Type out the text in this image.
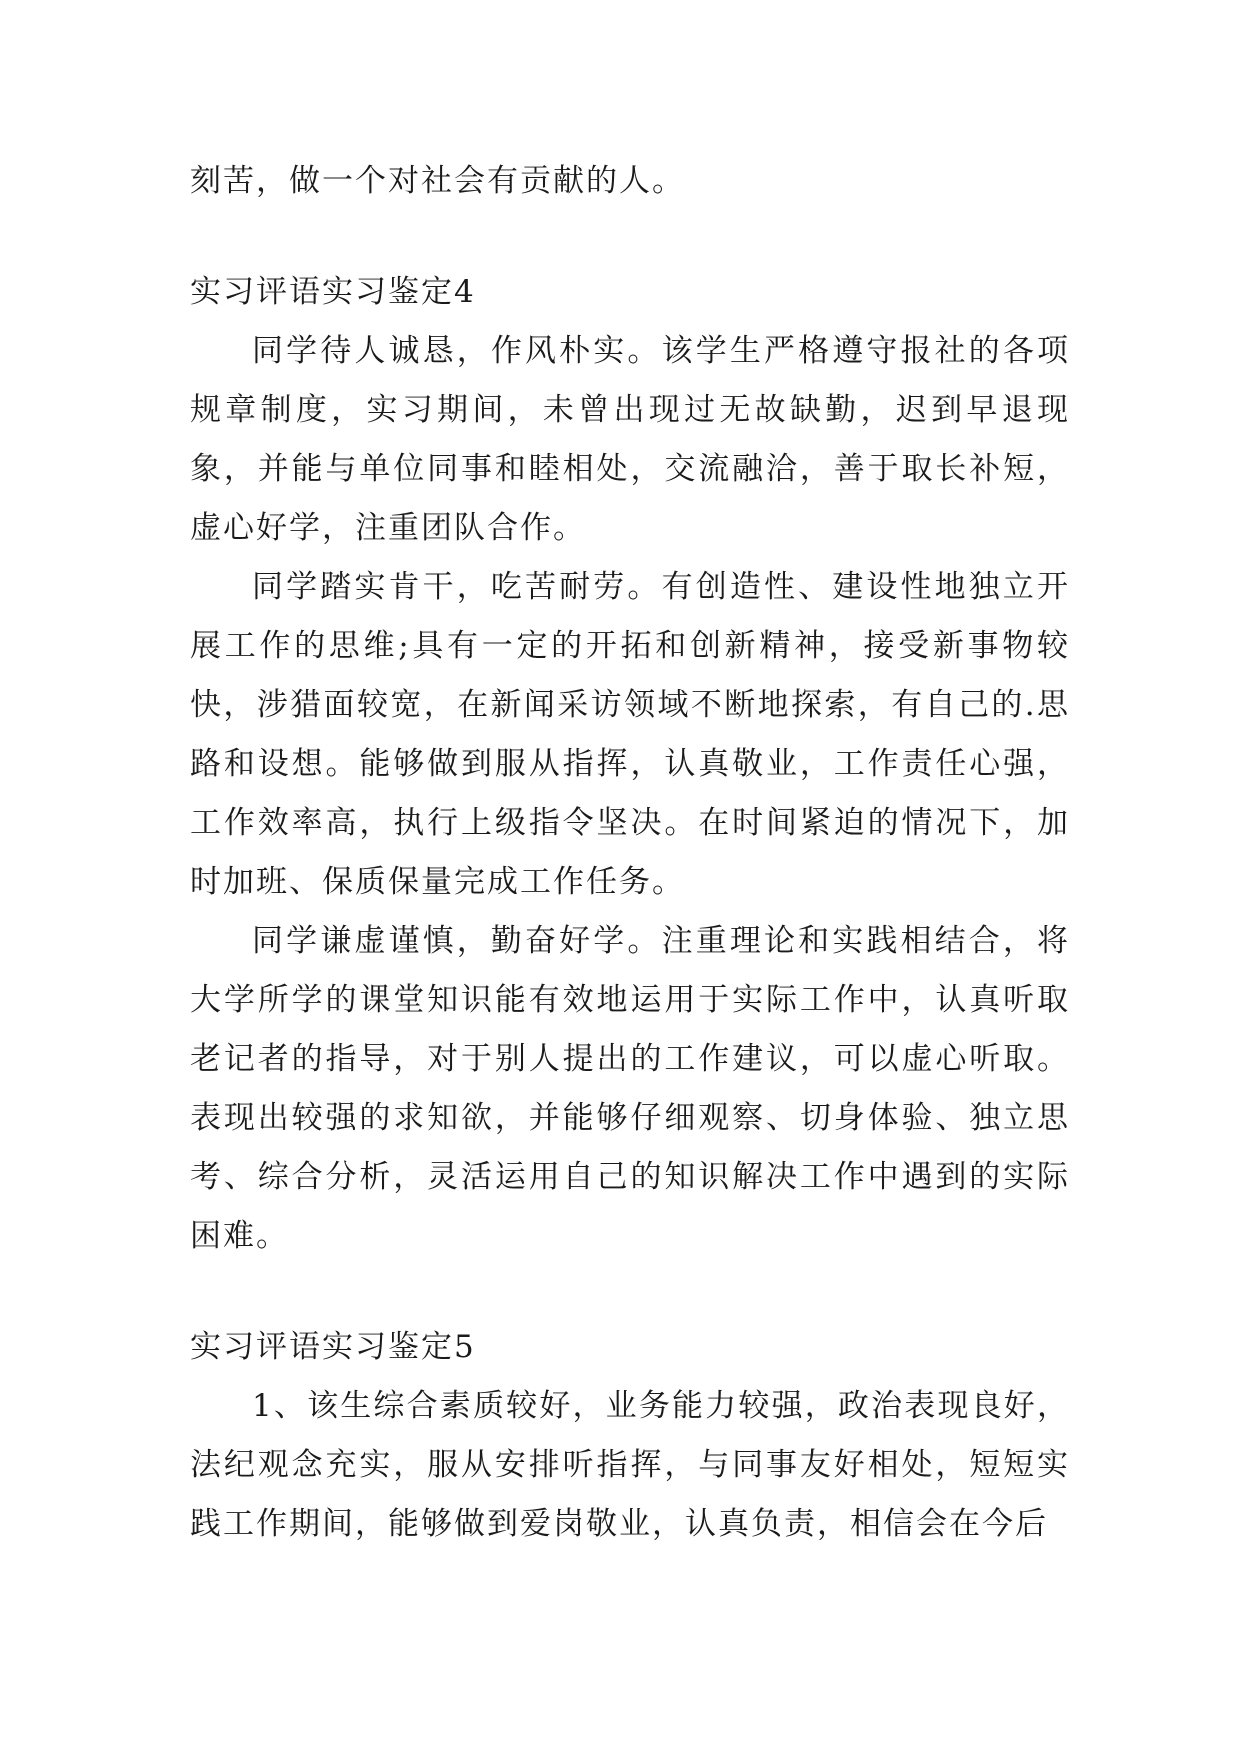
刻苦，做一个对社会有贡献的人。
实习评语实习鉴定4

同学待人诚恳，作风朴实。该学生严格遵守报社的各项规章制度，实习期间，未曾出现过无故缺勤，迟到早退现象，并能与单位同事和睦相处，交流融洽，善于取长补短，虚心好学，注重团队合作。

同学踏实肯干，吃苦耐劳。有创造性、建设性地独立开展工作的思维;具有一定的开拓和创新精神，接受新事物较快，涉猎面较宽，在新闻采访领域不断地探索，有自己的.思路和设想。能够做到服从指挥，认真敬业，工作责任心强，工作效率高，执行上级指令坚决。在时间紧迫的情况下，加时加班、保质保量完成工作任务。

同学谦虚谨慎，勤奋好学。注重理论和实践相结合，将大学所学的课堂知识能有效地运用于实际工作中，认真听取老记者的指导，对于别人提出的工作建议，可以虚心听取。表现出较强的求知欲，并能够仔细观察、切身体验、独立思考、综合分析，灵活运用自己的知识解决工作中遇到的实际困难。

实习评语实习鉴定5

1、该生综合素质较好，业务能力较强，政治表现良好，法纪观念充实，服从安排听指挥，与同事友好相处，短短实践工作期间，能够做到爱岗敬业，认真负责，相信会在今后
